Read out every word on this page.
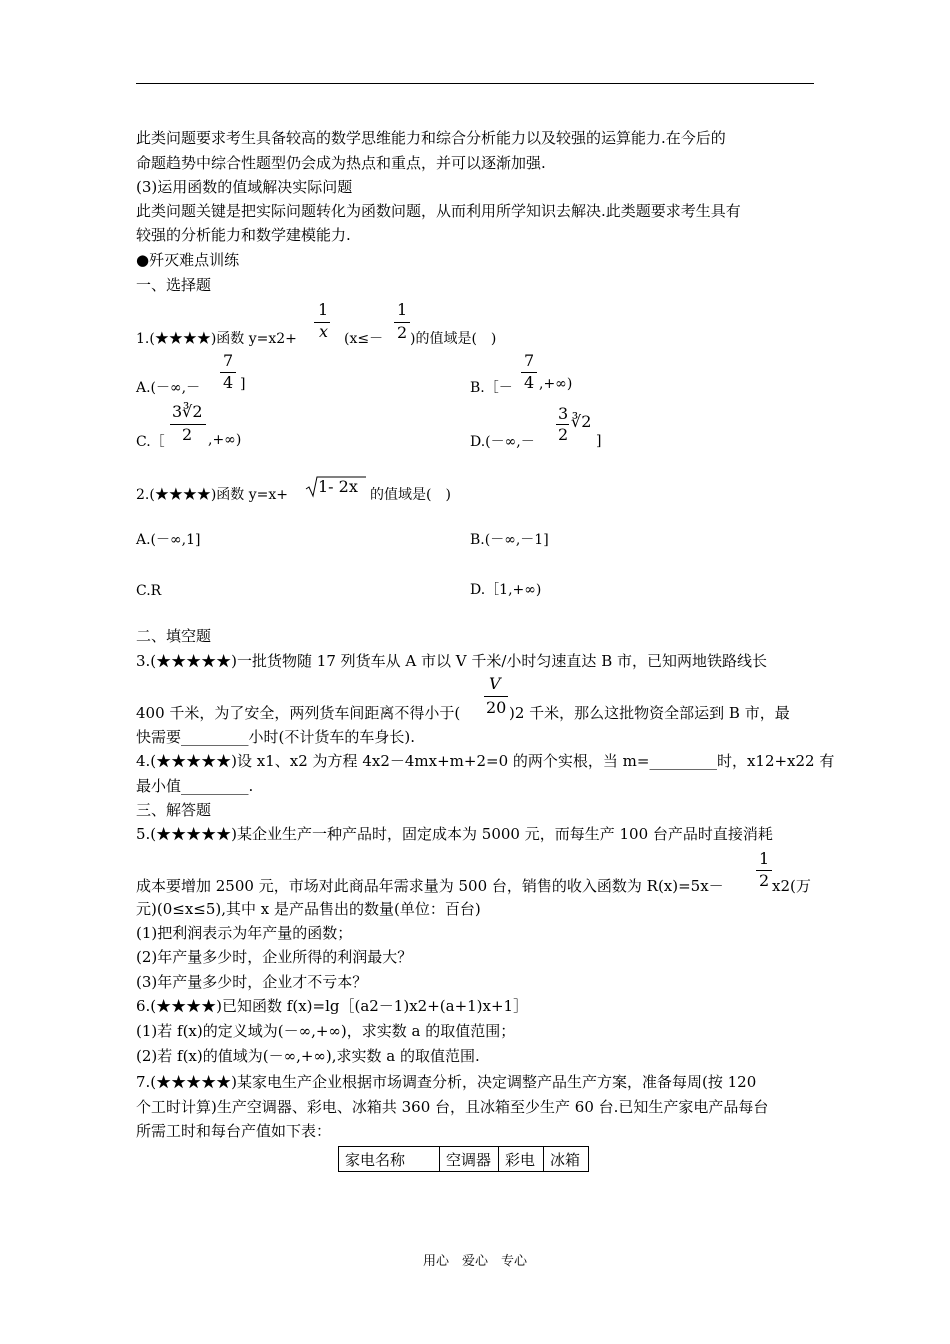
此类问题要求考生具备较高的数学思维能力和综合分析能力以及较强的运算能力.在今后的
命题趋势中综合性题型仍会成为热点和重点，并可以逐渐加强.
(3)运用函数的值域解决实际问题
此类问题关键是把实际问题转化为函数问题，从而利用所学知识去解决.此类题要求考生具有
较强的分析能力和数学建模能力.
●歼灭难点训练
一、选择题
1.(★★★★)函数 y=x2+
1
x (x≤－
1
2 )的值域是(　)
A.(－∞,－
7
4 ]	B.［－
7
4 ,+∞)
C.［
3∛2
2 ,+∞)	D.(－∞,－
3
2
∛2
]
2.(★★★★)函数 y=x+ 1- 2x 的值域是(　)
A.(－∞,1]	B.(－∞,－1]
C.R	D.［1,+∞)
二、填空题
3.(★★★★★)一批货物随 17 列货车从 A 市以 V 千米/小时匀速直达 B 市，已知两地铁路线长
400 千米，为了安全，两列货车间距离不得小于(
V
20 )2 千米，那么这批物资全部运到 B 市，最
快需要_________小时(不计货车的车身长).
4.(★★★★★)设 x1、x2 为方程 4x2－4mx+m+2=0 的两个实根，当 m=_________时，x12+x22 有
最小值_________.
三、解答题
5.(★★★★★)某企业生产一种产品时，固定成本为 5000 元，而每生产 100 台产品时直接消耗
成本要增加 2500 元，市场对此商品年需求量为 500 台，销售的收入函数为 R(x)=5x－
1
2 x2(万
元)(0≤x≤5),其中 x 是产品售出的数量(单位：百台)
(1)把利润表示为年产量的函数；
(2)年产量多少时，企业所得的利润最大？
(3)年产量多少时，企业才不亏本？
6.(★★★★)已知函数 f(x)=lg［(a2－1)x2+(a+1)x+1］
(1)若 f(x)的定义域为(－∞,+∞)，求实数 a 的取值范围；
(2)若 f(x)的值域为(－∞,+∞),求实数 a 的取值范围.
7.(★★★★★)某家电生产企业根据市场调查分析，决定调整产品生产方案，准备每周(按 120
个工时计算)生产空调器、彩电、冰箱共 360 台，且冰箱至少生产 60 台.已知生产家电产品每台
所需工时和每台产值如下表：
家电名称	空调器	彩电	冰箱
用心　爱心　专心
